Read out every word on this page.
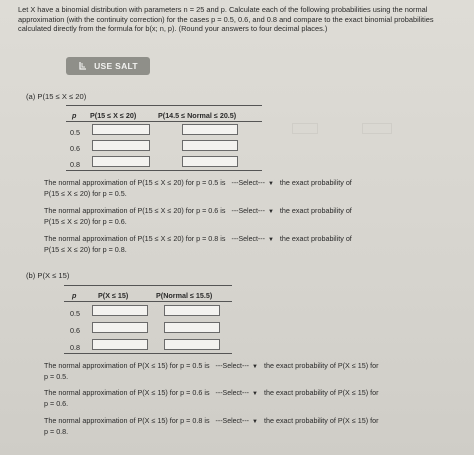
Let X have a binomial distribution with parameters n = 25 and p. Calculate each of the following probabilities using the normal approximation (with the continuity correction) for the cases p = 0.5, 0.6, and 0.8 and compare to the exact binomial probabilities calculated directly from the formula for b(x; n, p). (Round your answers to four decimal places.)
USE SALT

(a) P(15 ≤ X ≤ 20)
p P(15 ≤ X ≤ 20)	P(14.5 ≤ Normal ≤ 20.5)
0.5
0.6
0.8
The normal approximation of P(15 ≤ X ≤ 20) for p = 0.5 is ---Select--- ▼ the exact probability of
P(15 ≤ X ≤ 20) for p = 0.5.
The normal approximation of P(15 ≤ X ≤ 20) for p = 0.6 is ---Select--- ▼ the exact probability of
P(15 ≤ X ≤ 20) for p = 0.6.
The normal approximation of P(15 ≤ X ≤ 20) for p = 0.8 is ---Select--- ▼ the exact probability of
P(15 ≤ X ≤ 20) for p = 0.8.
(b) P(X ≤ 15)
p	P(X ≤ 15)	P(Normal ≤ 15.5)
0.5
0.6
0.8
The normal approximation of P(X ≤ 15) for p = 0.5 is ---Select--- ▼ the exact probability of P(X ≤ 15) for
p = 0.5.
The normal approximation of P(X ≤ 15) for p = 0.6 is ---Select--- ▼ the exact probability of P(X ≤ 15) for
p = 0.6.
The normal approximation of P(X ≤ 15) for p = 0.8 is ---Select--- ▼ the exact probability of P(X ≤ 15) for
p = 0.8.
